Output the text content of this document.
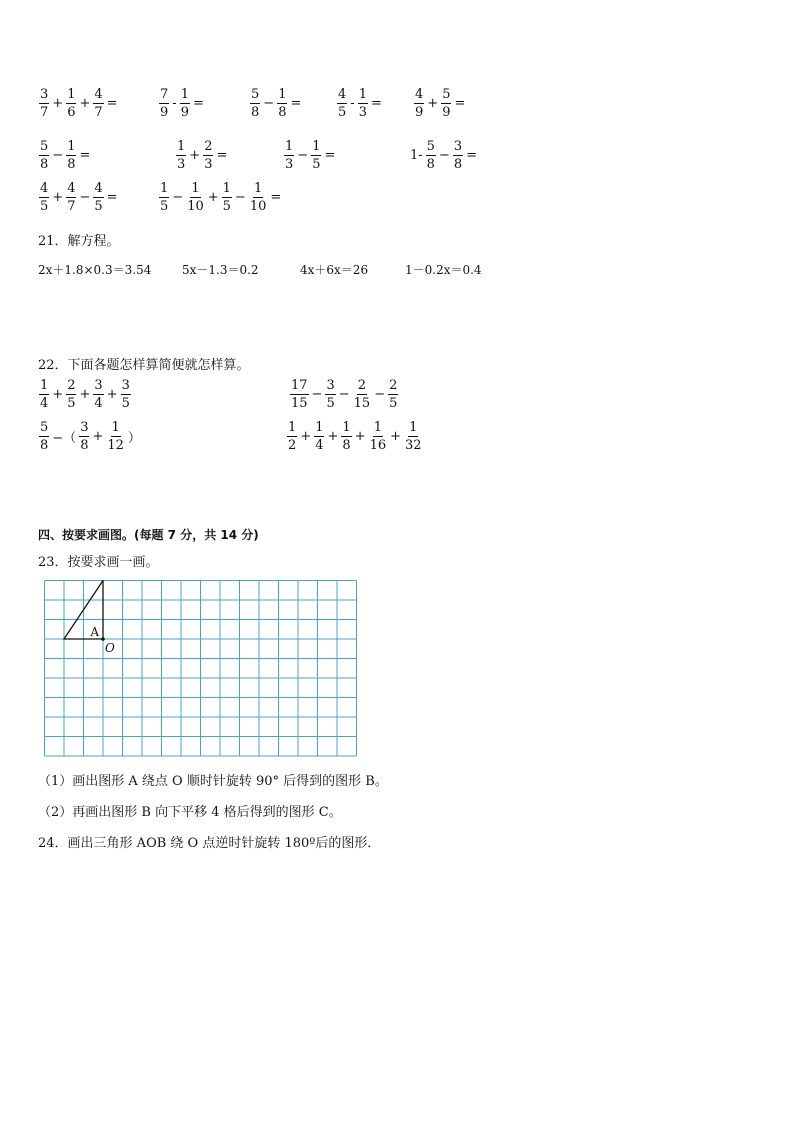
$\frac{3}{7} + \frac{1}{6} + \frac{4}{7}$ =	$\frac{7}{9} - \frac{1}{9}$ =	$\frac{5}{8} - \frac{1}{8}$ =	$\frac{4}{5} - \frac{1}{3} = \frac{4}{9} + \frac{5}{9}$ =
$\frac{5}{8} - \frac{1}{8}$ =	$\frac{1}{3} + \frac{2}{3}$ =	$\frac{1}{3} - \frac{1}{5}$ =	$1- \frac{5}{8} - \frac{3}{8}$ =
$\frac{4}{5} + \frac{4}{7} - \frac{4}{5}$ =	$\frac{1}{5} - \frac{1}{10} + \frac{1}{5} - \frac{1}{10}$ =
21．解方程。
2x＋1.8×0.3＝3.54	5x－1.3＝0.2	4x＋6x＝26	1－0.2x＝0.4
22．下面各题怎样算简便就怎样算。
$\frac{1}{4} + \frac{2}{5} + \frac{3}{4} + \frac{3}{5}$	$\frac{17}{15} - \frac{3}{5} - \frac{2}{15} - \frac{2}{5}$
$\frac{5}{8}$ −（ $\frac{3}{8} + \frac{1}{12}$ ）	$\frac{1}{2} + \frac{1}{4} + \frac{1}{8} + \frac{1}{16} + \frac{1}{32}$
四、按要求画图。(每题 7 分，共 14 分)
23．按要求画一画。
A
O
（1）画出图形 A 绕点 O 顺时针旋转 90° 后得到的图形 B。
（2）再画出图形 B 向下平移 4 格后得到的图形 C。
24．画出三角形 AOB 绕 O 点逆时针旋转 180º后的图形．
